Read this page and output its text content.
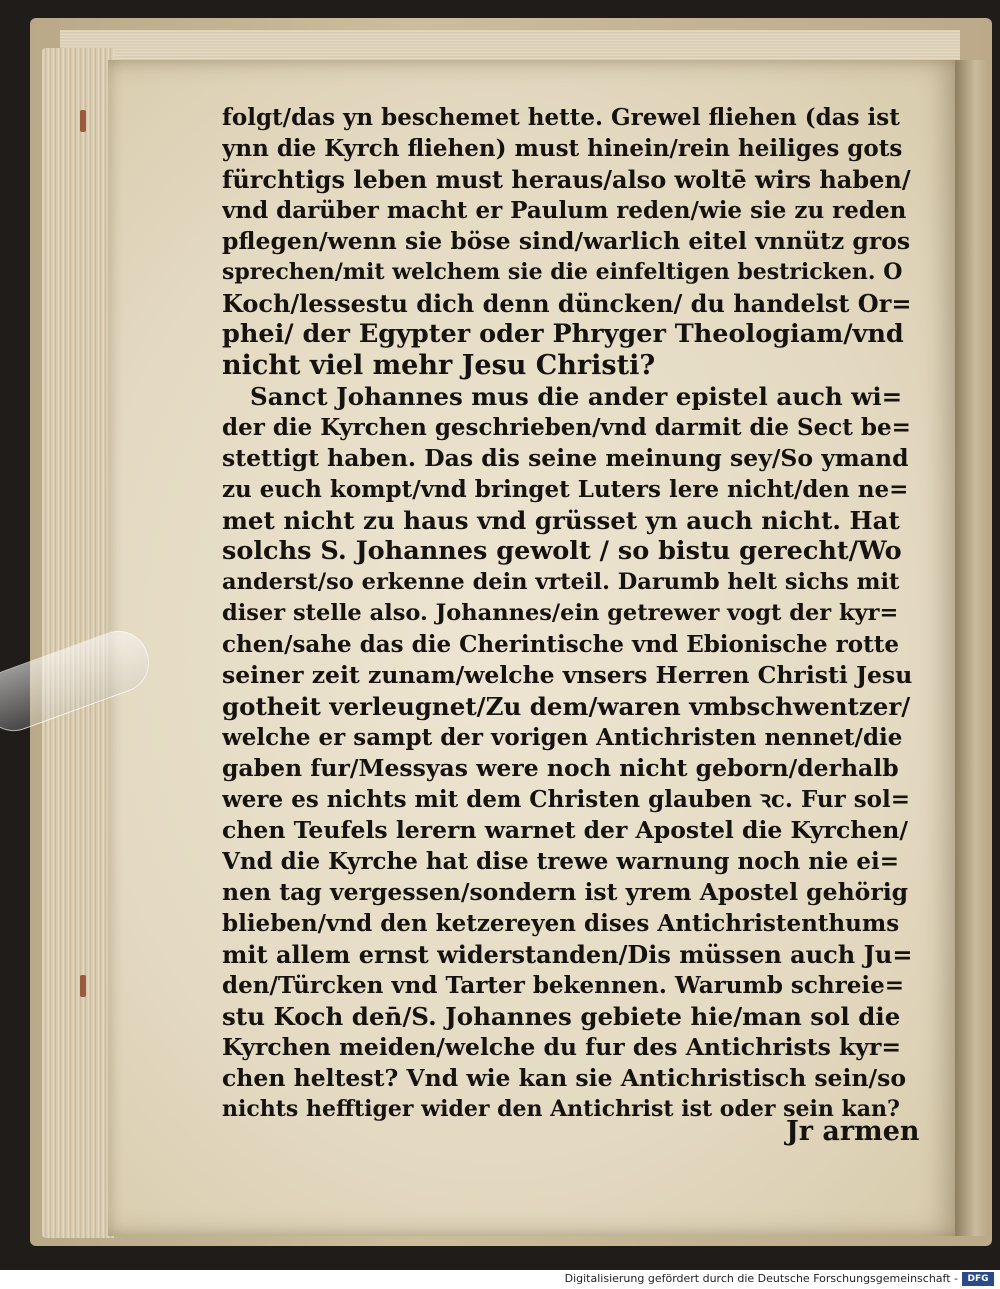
folgt/das yn beschemet hette. Grewel fliehen (das ist
ynn die Kyrch fliehen) must hinein/rein heiliges gots
fürchtigs leben must heraus/also woltē wirs haben/
vnd darüber macht er Paulum reden/wie sie zu reden
pflegen/wenn sie böse sind/warlich eitel vnnütz gros
sprechen/mit welchem sie die einfeltigen bestricken. O
Koch/lessestu dich denn düncken/ du handelst Or=
phei/ der Egypter oder Phryger Theologiam/vnd
nicht viel mehr Jesu Christi?
Sanct Johannes mus die ander epistel auch wi=
der die Kyrchen geschrieben/vnd darmit die Sect be=
stettigt haben. Das dis seine meinung sey/So ymand
zu euch kompt/vnd bringet Luters lere nicht/den ne=
met nicht zu haus vnd grüsset yn auch nicht. Hat
solchs S. Johannes gewolt / so bistu gerecht/Wo
anderst/so erkenne dein vrteil. Darumb helt sichs mit
diser stelle also. Johannes/ein getrewer vogt der kyr=
chen/sahe das die Cherintische vnd Ebionische rotte
seiner zeit zunam/welche vnsers Herren Christi Jesu
gotheit verleugnet/Zu dem/waren vmbschwentzer/
welche er sampt der vorigen Antichristen nennet/die
gaben fur/Messyas were noch nicht geborn/derhalb
were es nichts mit dem Christen glauben ꝛc. Fur sol=
chen Teufels lerern warnet der Apostel die Kyrchen/
Vnd die Kyrche hat dise trewe warnung noch nie ei=
nen tag vergessen/sondern ist yrem Apostel gehörig
blieben/vnd den ketzereyen dises Antichristenthums
mit allem ernst widerstanden/Dis müssen auch Ju=
den/Türcken vnd Tarter bekennen. Warumb schreie=
stu Koch den̄/S. Johannes gebiete hie/man sol die
Kyrchen meiden/welche du fur des Antichrists kyr=
chen heltest? Vnd wie kan sie Antichristisch sein/so
nichts hefftiger wider den Antichrist ist oder sein kan?
Jr armen
Digitalisierung gefördert durch die Deutsche Forschungsgemeinschaft -	DFG
